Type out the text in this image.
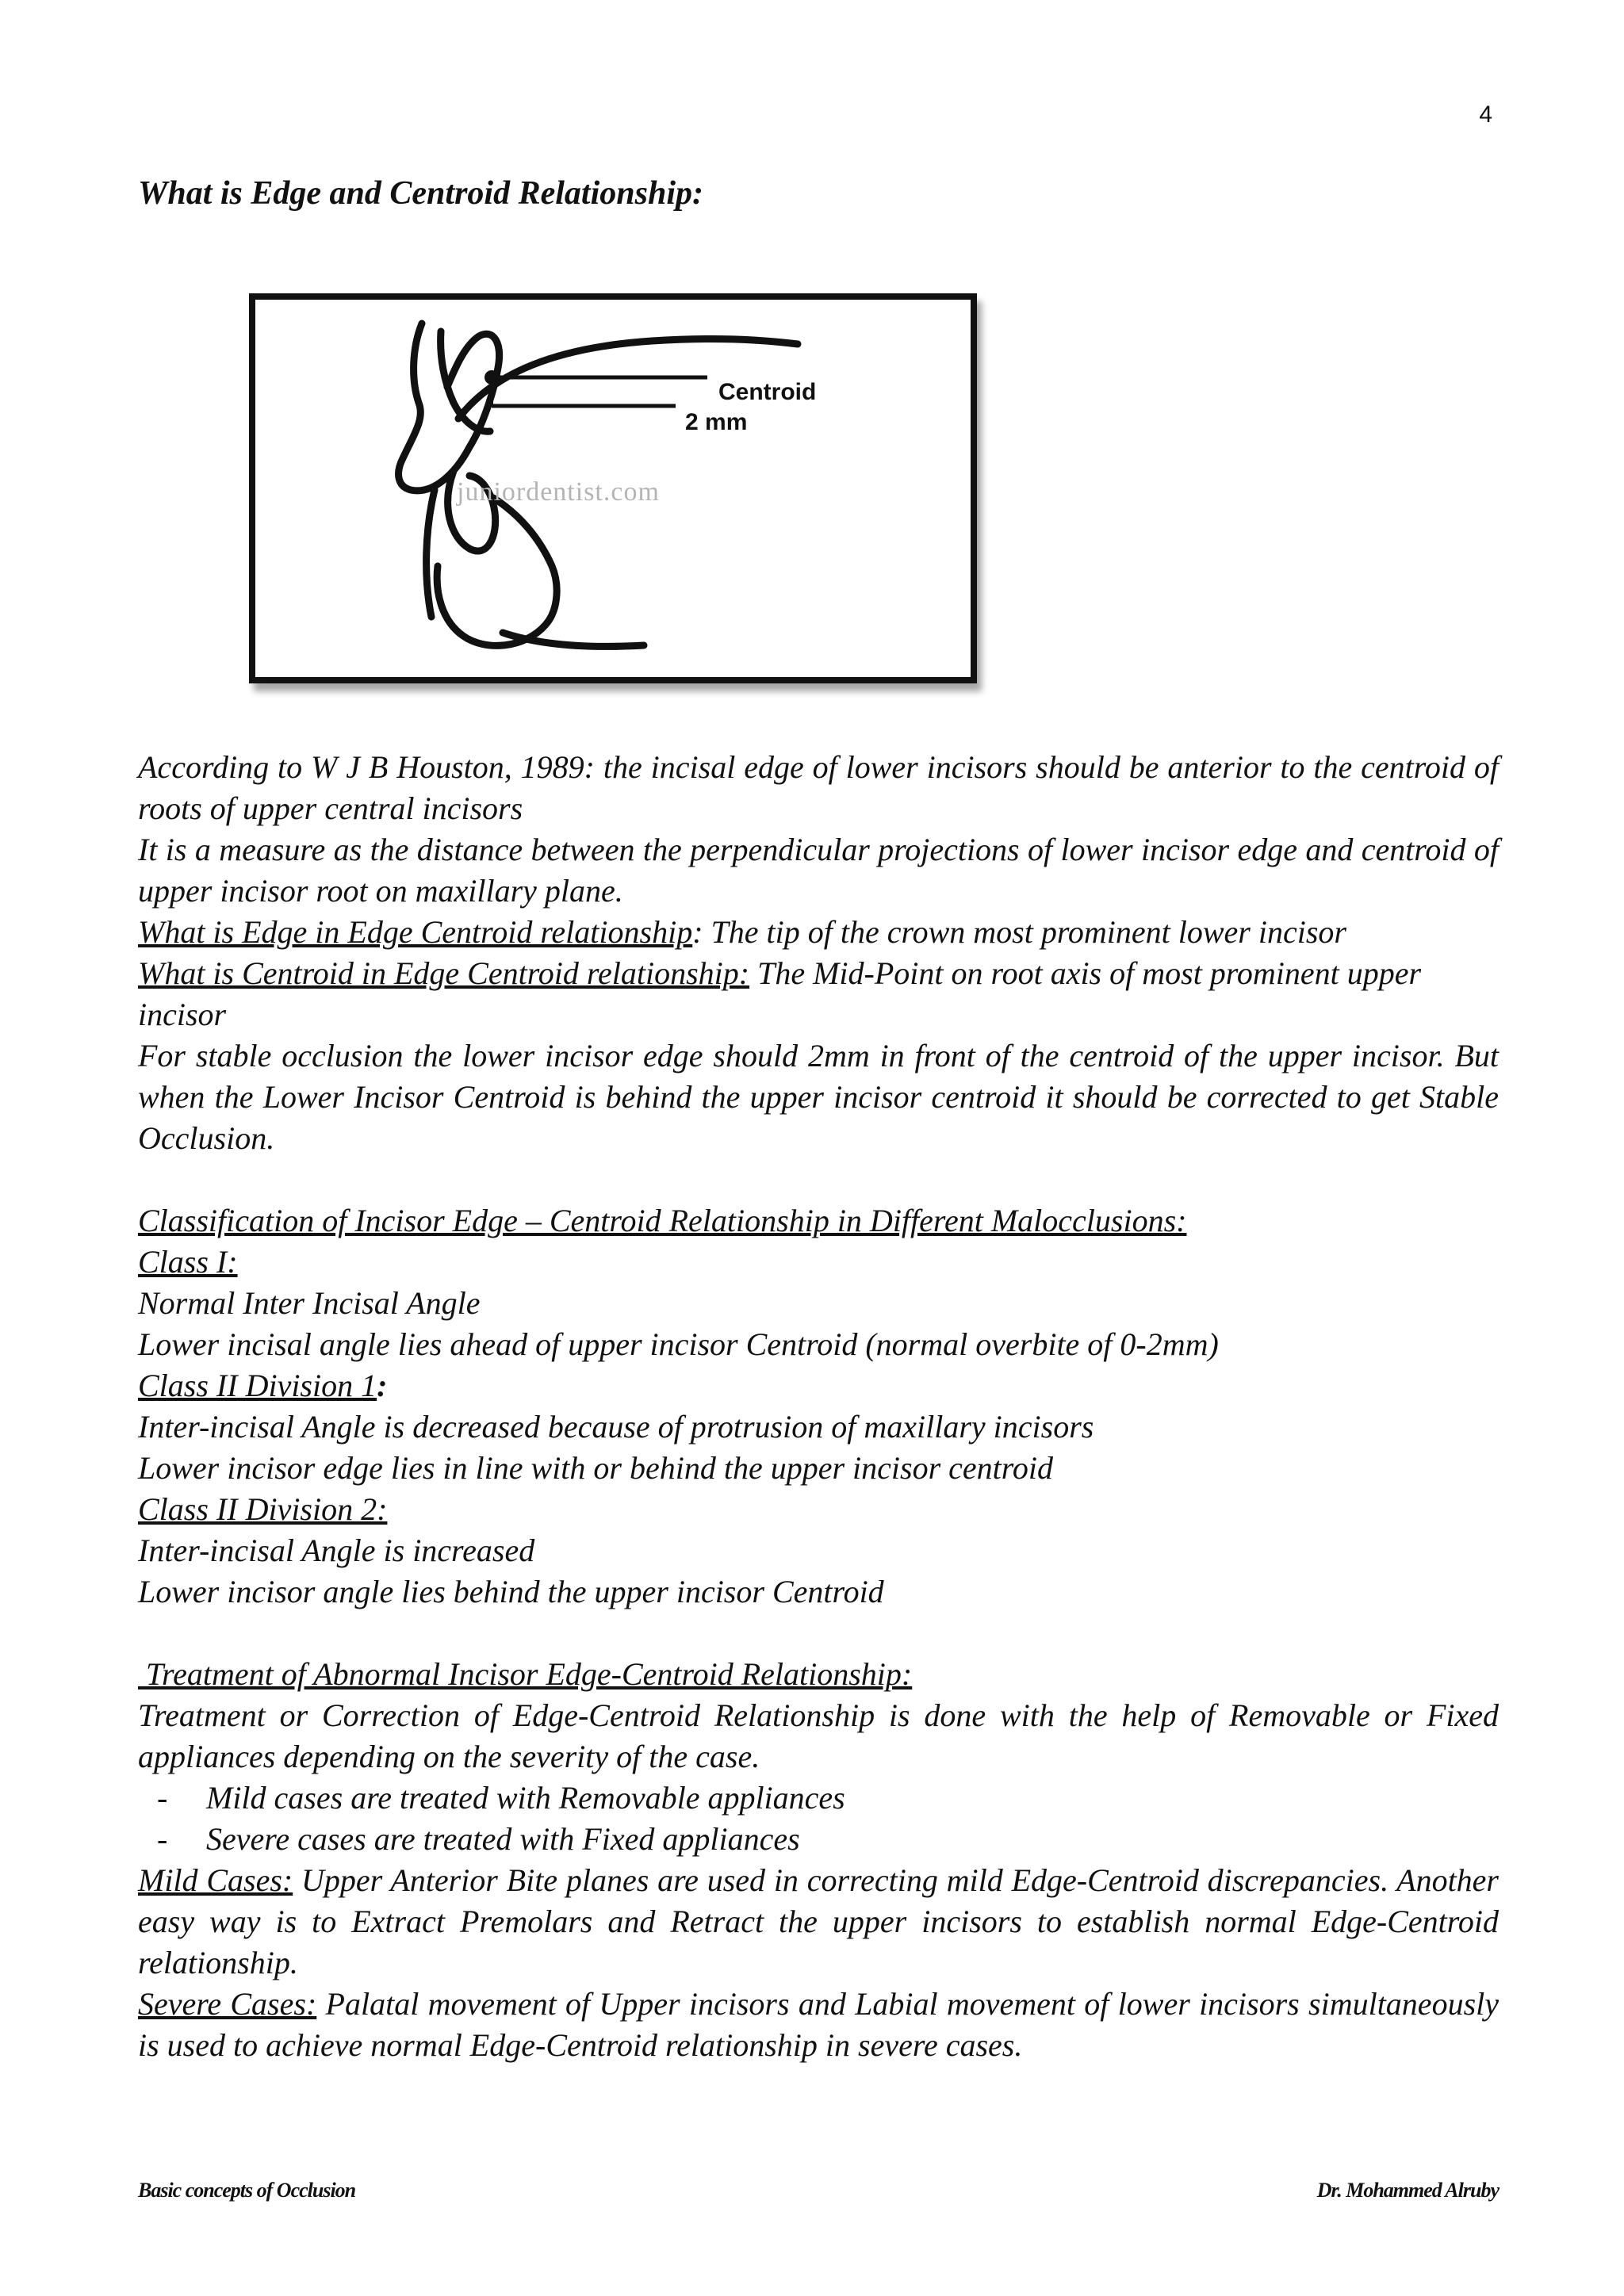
4
What is Edge and Centroid Relationship:
Centroid
2 mm
juniordentist.com

According to W J B Houston, 1989: the incisal edge of lower incisors should be anterior to the centroid of roots of upper central incisors

It is a measure as the distance between the perpendicular projections of lower incisor edge and centroid of upper incisor root on maxillary plane.

What is Edge in Edge Centroid relationship: The tip of the crown most prominent lower incisor

What is Centroid in Edge Centroid relationship: The Mid-Point on root axis of most prominent upper incisor

For stable occlusion the lower incisor edge should 2mm in front of the centroid of the upper incisor. But when the Lower Incisor Centroid is behind the upper incisor centroid it should be corrected to get Stable Occlusion.

Classification of Incisor Edge – Centroid Relationship in Different Malocclusions:

Class I:

Normal Inter Incisal Angle

Lower incisal angle lies ahead of upper incisor Centroid (normal overbite of 0-2mm)

Class II Division 1:

Inter-incisal Angle is decreased because of protrusion of maxillary incisors

Lower incisor edge lies in line with or behind the upper incisor centroid

Class II Division 2:

Inter-incisal Angle is increased

Lower incisor angle lies behind the upper incisor Centroid

Treatment of Abnormal Incisor Edge-Centroid Relationship:

Treatment or Correction of Edge-Centroid Relationship is done with the help of Removable or Fixed appliances depending on the severity of the case.

-	Mild cases are treated with Removable appliances
-	Severe cases are treated with Fixed appliances

Mild Cases: Upper Anterior Bite planes are used in correcting mild Edge-Centroid discrepancies. Another easy way is to Extract Premolars and Retract the upper incisors to establish normal Edge-Centroid relationship.

Severe Cases: Palatal movement of Upper incisors and Labial movement of lower incisors simultaneously is used to achieve normal Edge-Centroid relationship in severe cases.

Basic concepts of Occlusion	Dr. Mohammed Alruby
